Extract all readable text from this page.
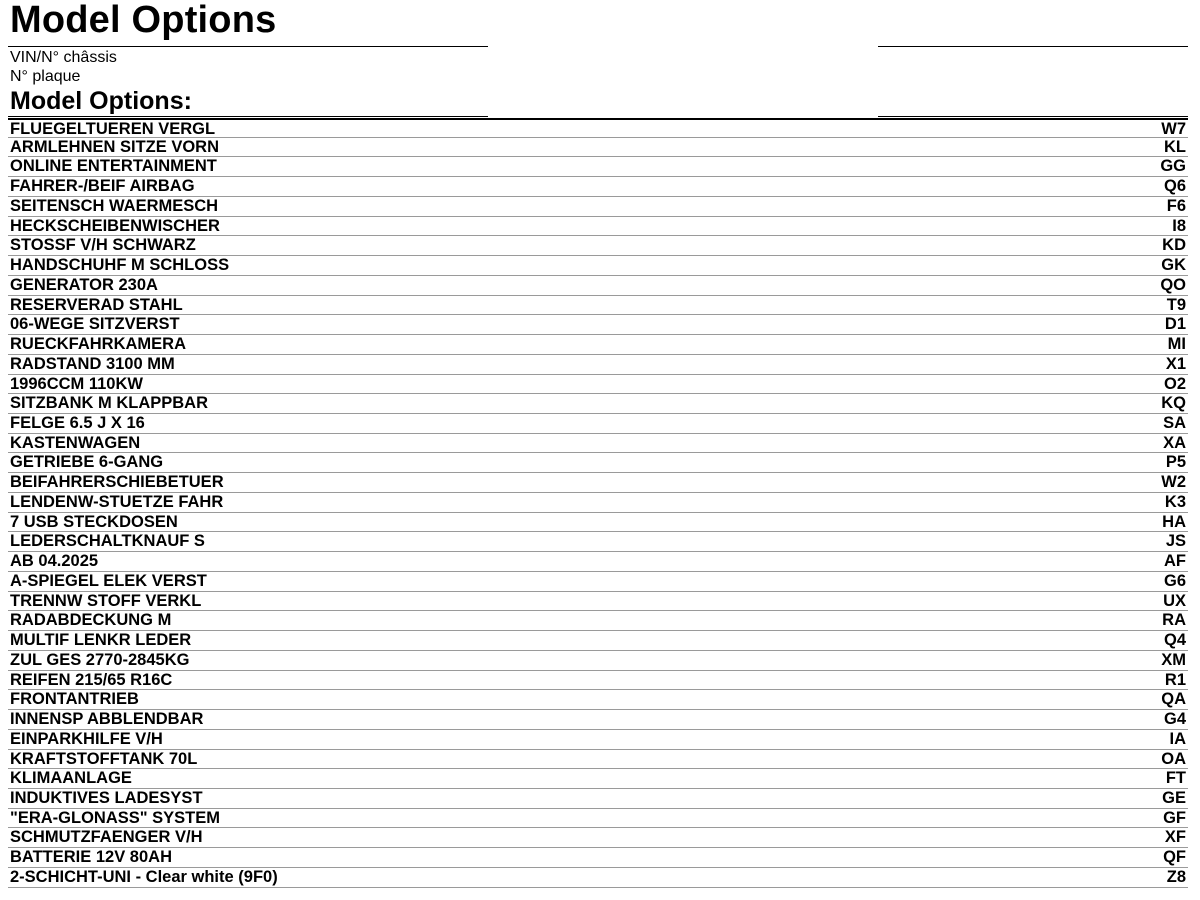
Model Options
VIN/N° châssis
N° plaque
Model Options:
FLUEGELTUEREN VERGL	W7
ARMLEHNEN SITZE VORN	KL
ONLINE ENTERTAINMENT	GG
FAHRER-/BEIF AIRBAG	Q6
SEITENSCH WAERMESCH	F6
HECKSCHEIBENWISCHER	I8
STOSSF V/H SCHWARZ	KD
HANDSCHUHF M SCHLOSS	GK
GENERATOR 230A	QO
RESERVERAD STAHL	T9
06-WEGE SITZVERST	D1
RUECKFAHRKAMERA	MI
RADSTAND 3100 MM	X1
1996CCM 110KW	O2
SITZBANK M KLAPPBAR	KQ
FELGE 6.5 J X 16	SA
KASTENWAGEN	XA
GETRIEBE 6-GANG	P5
BEIFAHRERSCHIEBETUER	W2
LENDENW-STUETZE FAHR	K3
7 USB STECKDOSEN	HA
LEDERSCHALTKNAUF S	JS
AB 04.2025	AF
A-SPIEGEL ELEK VERST	G6
TRENNW STOFF VERKL	UX
RADABDECKUNG M	RA
MULTIF LENKR LEDER	Q4
ZUL GES 2770-2845KG	XM
REIFEN 215/65 R16C	R1
FRONTANTRIEB	QA
INNENSP ABBLENDBAR	G4
EINPARKHILFE V/H	IA
KRAFTSTOFFTANK 70L	OA
KLIMAANLAGE	FT
INDUKTIVES LADESYST	GE
"ERA-GLONASS" SYSTEM	GF
SCHMUTZFAENGER V/H	XF
BATTERIE 12V 80AH	QF
2-SCHICHT-UNI - Clear white (9F0)	Z8
